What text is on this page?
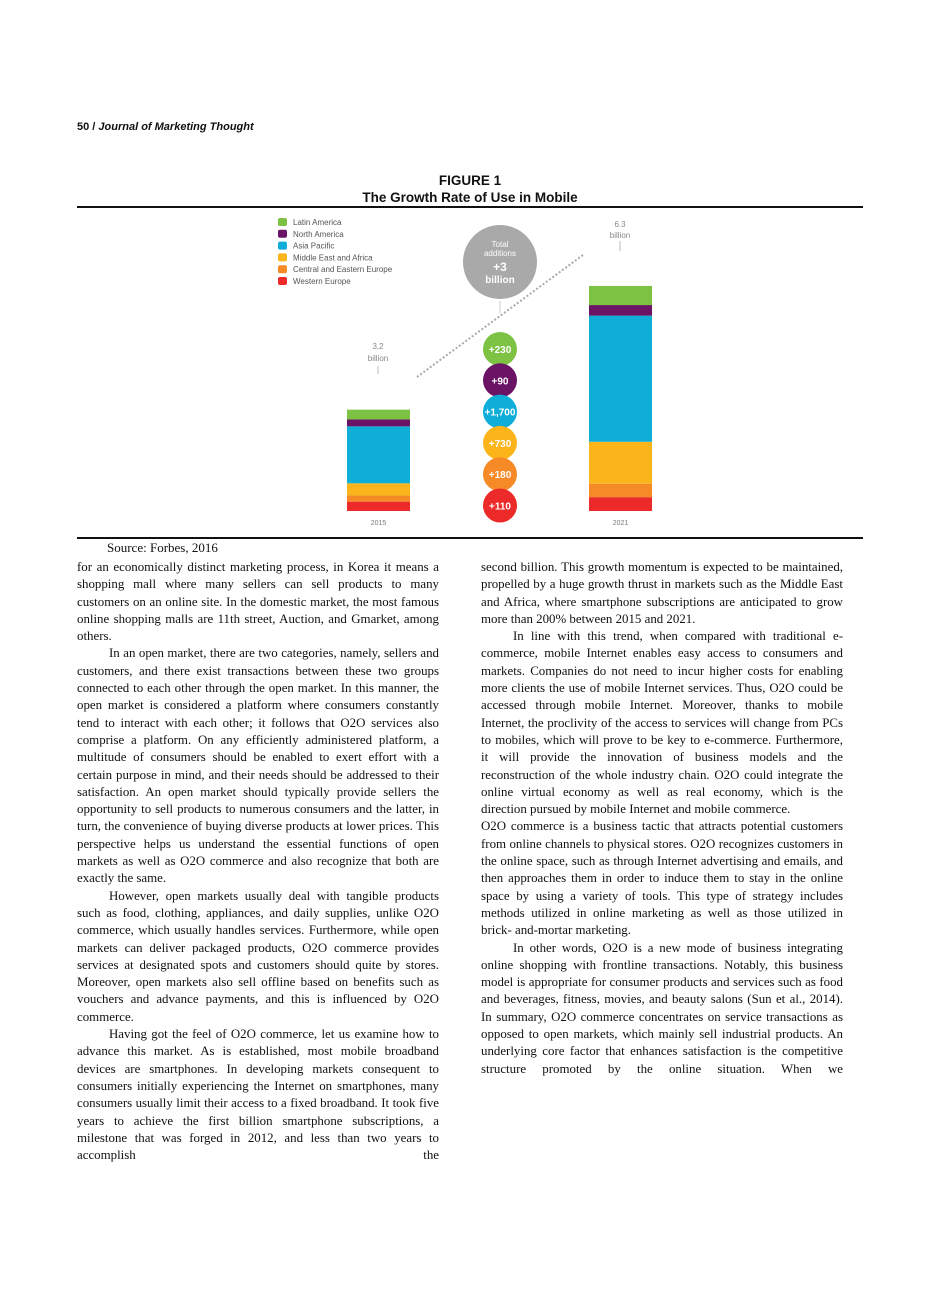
50 / Journal of Marketing Thought
FIGURE 1
The Growth Rate of Use in Mobile
Latin America
North America
Asia Pacific
Middle East and Africa
Central and Eastern Europe
Western Europe
2015	2021
3,2
billion
6.3
billion
Total
additions
+3
billion
+230
+90
+1,700
+730
+180
+110
Source: Forbes, 2016

for an economically distinct marketing process, in Korea it means a shopping mall where many sellers can sell products to many customers on an online site. In the domestic market, the most famous online shopping malls are 11th street, Auction, and Gmarket, among others.

In an open market, there are two categories, namely, sellers and customers, and there exist transactions between these two groups connected to each other through the open market. In this manner, the open market is considered a platform where consumers constantly tend to interact with each other; it follows that O2O services also comprise a platform. On any efficiently administered platform, a multitude of consumers should be enabled to exert effort with a certain purpose in mind, and their needs should be addressed to their satisfaction. An open market should typically provide sellers the opportunity to sell products to numerous consumers and the latter, in turn, the convenience of buying diverse products at lower prices. This perspective helps us understand the essential functions of open markets as well as O2O commerce and also recognize that both are exactly the same.

However, open markets usually deal with tangible products such as food, clothing, appliances, and daily supplies, unlike O2O commerce, which usually handles services. Furthermore, while open markets can deliver packaged products, O2O commerce provides services at designated spots and customers should quite by stores. Moreover, open markets also sell offline based on benefits such as vouchers and advance payments, and this is influenced by O2O commerce.

Having got the feel of O2O commerce, let us examine how to advance this market. As is established, most mobile broadband devices are smartphones. In developing markets consequent to consumers initially experiencing the Internet on smartphones, many consumers usually limit their access to a fixed broadband. It took five years to achieve the first billion smartphone subscriptions, a milestone that was forged in 2012, and less than two years to accomplish the

second billion. This growth momentum is expected to be maintained, propelled by a huge growth thrust in markets such as the Middle East and Africa, where smartphone subscriptions are anticipated to grow more than 200% between 2015 and 2021.

In line with this trend, when compared with traditional e-commerce, mobile Internet enables easy access to consumers and markets. Companies do not need to incur higher costs for enabling more clients the use of mobile Internet services. Thus, O2O could be accessed through mobile Internet. Moreover, thanks to mobile Internet, the proclivity of the access to services will change from PCs to mobiles, which will prove to be key to e-commerce. Furthermore, it will provide the innovation of business models and the reconstruction of the whole industry chain. O2O could integrate the online virtual economy as well as real economy, which is the direction pursued by mobile Internet and mobile commerce.

O2O commerce is a business tactic that attracts potential customers from online channels to physical stores. O2O recognizes customers in the online space, such as through Internet advertising and emails, and then approaches them in order to induce them to stay in the online space by using a variety of tools. This type of strategy includes methods utilized in online marketing as well as those utilized in brick- and-mortar marketing.

In other words, O2O is a new mode of business integrating online shopping with frontline transactions. Notably, this business model is appropriate for consumer products and services such as food and beverages, fitness, movies, and beauty salons (Sun et al., 2014). In summary, O2O commerce concentrates on service transactions as opposed to open markets, which mainly sell industrial products. An underlying core factor that enhances satisfaction is the competitive structure promoted by the online situation. When we
